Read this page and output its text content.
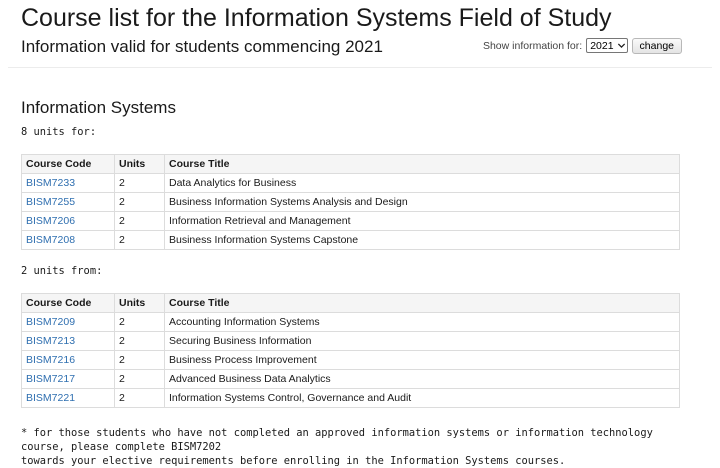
Course list for the Information Systems Field of Study
Information valid for students commencing 2021	Show information for: 2021	change
Information Systems

8 units for:

Course Code	Units	Course Title
BISM7233	2	Data Analytics for Business
BISM7255	2	Business Information Systems Analysis and Design
BISM7206	2	Information Retrieval and Management
BISM7208	2	Business Information Systems Capstone

2 units from:

Course Code	Units	Course Title
BISM7209	2	Accounting Information Systems
BISM7213	2	Securing Business Information
BISM7216	2	Business Process Improvement
BISM7217	2	Advanced Business Data Analytics
BISM7221	2	Information Systems Control, Governance and Audit

* for those students who have not completed an approved information systems or information technology course, please complete BISM7202
towards your elective requirements before enrolling in the Information Systems courses.
